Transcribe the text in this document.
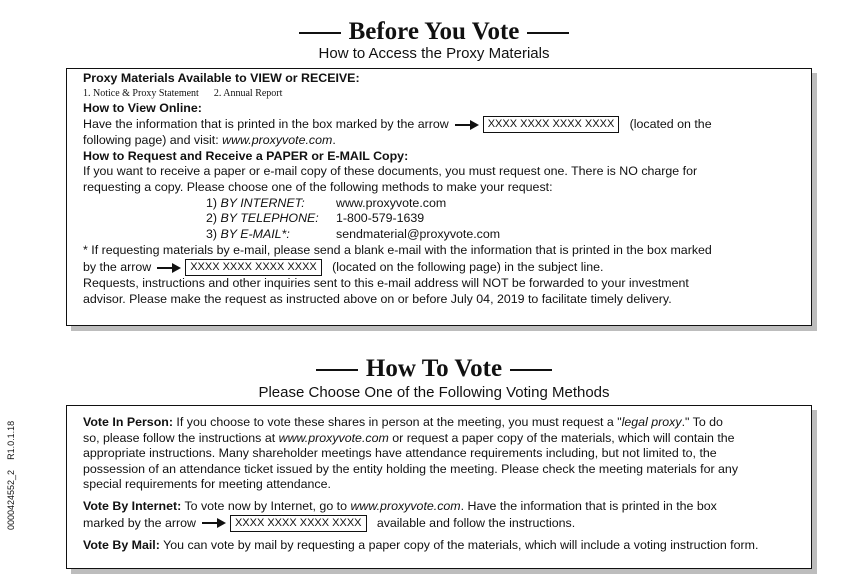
Before You Vote
How to Access the Proxy Materials
Proxy Materials Available to VIEW or RECEIVE:
1. Notice & Proxy Statement      2. Annual Report
How to View Online:
Have the information that is printed in the box marked by the arrow	XXXX XXXX XXXX XXXX (located on the
following page) and visit: www.proxyvote.com.
How to Request and Receive a PAPER or E-MAIL Copy:
If you want to receive a paper or e-mail copy of these documents, you must request one. There is NO charge for
requesting a copy. Please choose one of the following methods to make your request:
1) BY INTERNET:	www.proxyvote.com
2) BY TELEPHONE: 1-800-579-1639
3) BY E-MAIL*:	sendmaterial@proxyvote.com
* If requesting materials by e-mail, please send a blank e-mail with the information that is printed in the box marked
by the arrow	XXXX XXXX XXXX XXXX (located on the following page) in the subject line.
Requests, instructions and other inquiries sent to this e-mail address will NOT be forwarded to your investment
advisor. Please make the request as instructed above on or before July 04, 2019 to facilitate timely delivery.
How To Vote
Please Choose One of the Following Voting Methods
Vote In Person: If you choose to vote these shares in person at the meeting, you must request a "legal proxy." To do
so, please follow the instructions at www.proxyvote.com or request a paper copy of the materials, which will contain the
appropriate instructions. Many shareholder meetings have attendance requirements including, but not limited to, the
possession of an attendance ticket issued by the entity holding the meeting. Please check the meeting materials for any
special requirements for meeting attendance.
Vote By Internet: To vote now by Internet, go to www.proxyvote.com. Have the information that is printed in the box
marked by the arrow	XXXX XXXX XXXX XXXX available and follow the instructions.
Vote By Mail: You can vote by mail by requesting a paper copy of the materials, which will include a voting instruction form.
0000424552_2    R1.0.1.18
